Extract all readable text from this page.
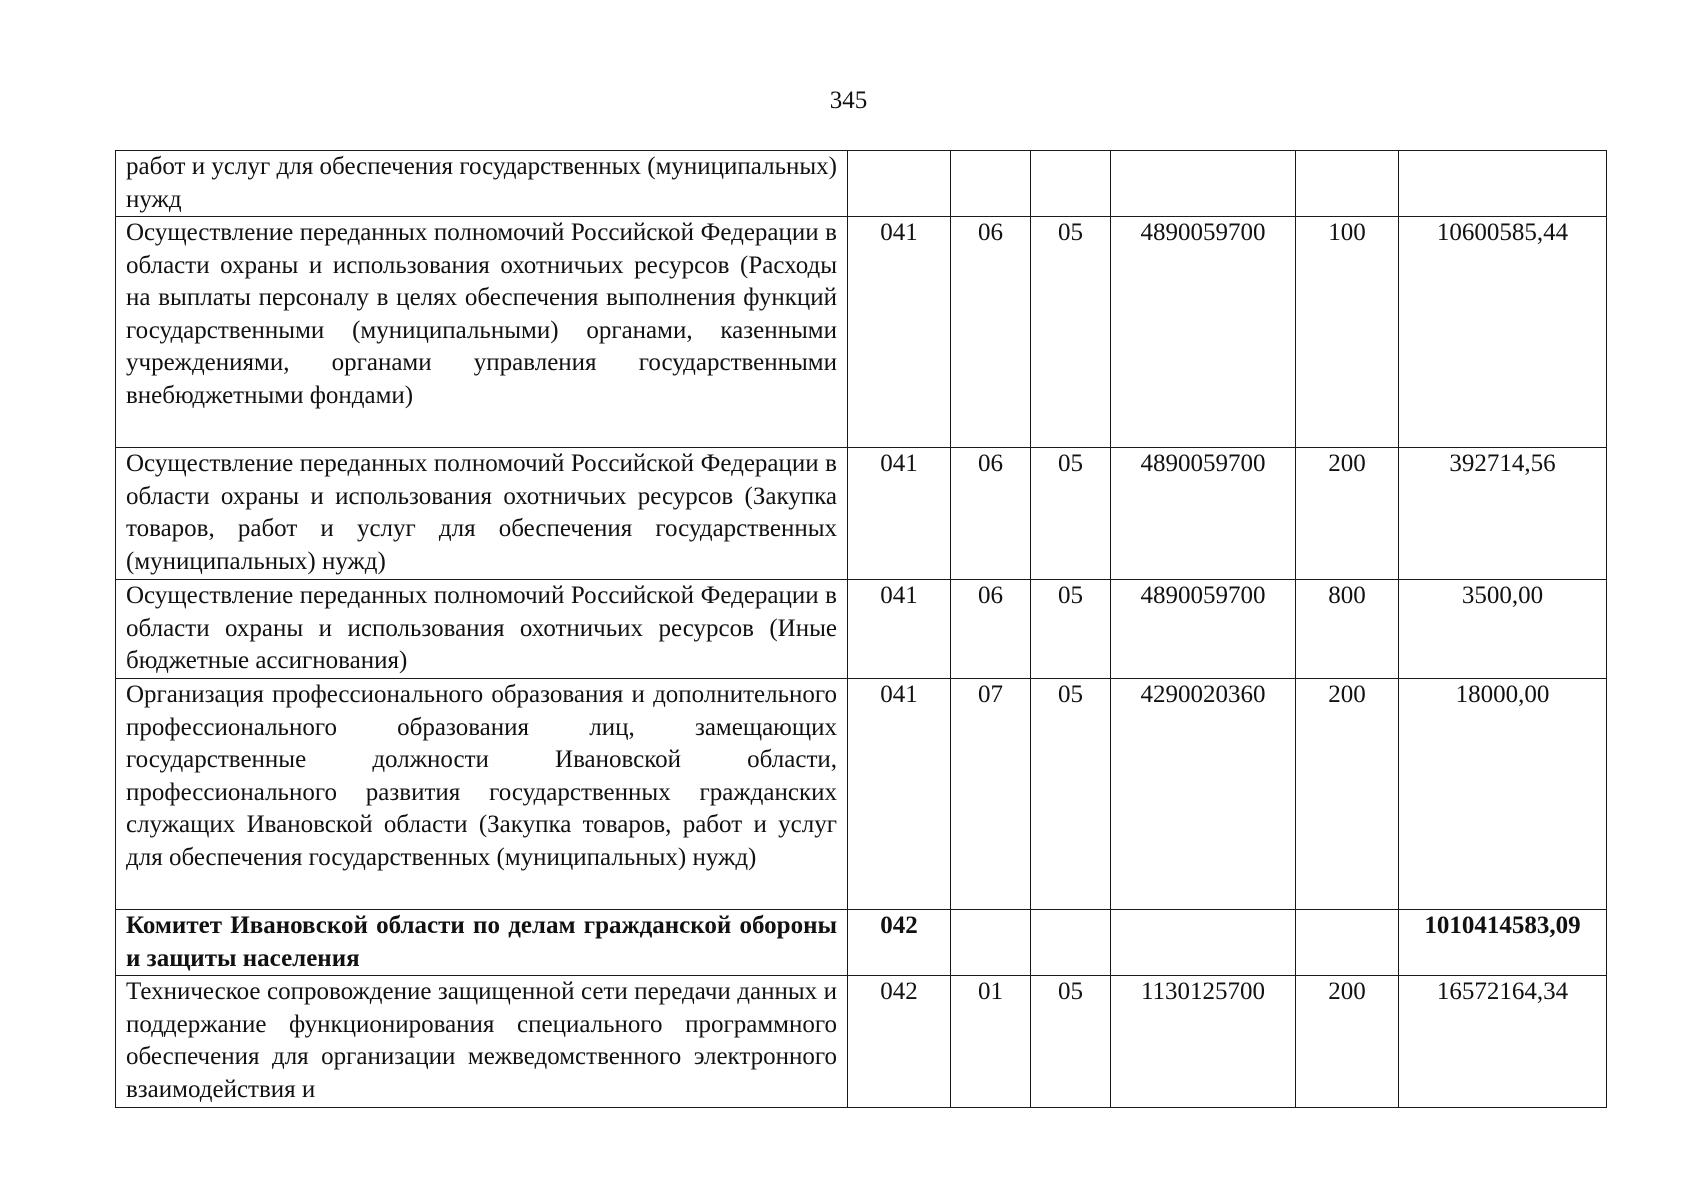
345
работ и услуг для обеспечения государственных (муниципальных) нужд						
Осуществление переданных полномочий Российской Федерации в области охраны и использования охотничьих ресурсов (Расходы на выплаты персоналу в целях обеспечения выполнения функций государственными (муниципальными) органами, казенными учреждениями, органами управления государственными внебюджетными фондами)	041	06	05	4890059700	100	10600585,44
Осуществление переданных полномочий Российской Федерации в области охраны и использования охотничьих ресурсов (Закупка товаров, работ и услуг для обеспечения государственных (муниципальных) нужд)	041	06	05	4890059700	200	392714,56
Осуществление переданных полномочий Российской Федерации в области охраны и использования охотничьих ресурсов (Иные бюджетные ассигнования)	041	06	05	4890059700	800	3500,00
Организация профессионального образования и дополнительного профессионального образования лиц, замещающих государственные должности Ивановской области, профессионального развития государственных гражданских служащих Ивановской области (Закупка товаров, работ и услуг для обеспечения государственных (муниципальных) нужд)	041	07	05	4290020360	200	18000,00
Комитет Ивановской области по делам гражданской обороны и защиты населения	042					1010414583,09
Техническое сопровождение защищенной сети передачи данных и поддержание функционирования специального программного обеспечения для организации межведомственного электронного взаимодействия и	042	01	05	1130125700	200	16572164,34
